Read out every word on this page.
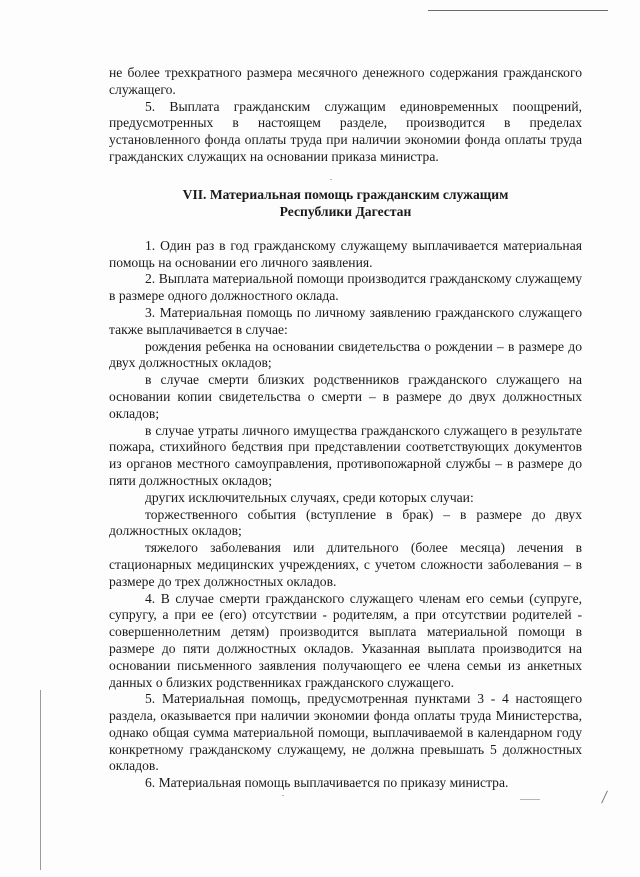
не более трехкратного размера месячного денежного содержания гражданского служащего.

5. Выплата гражданским служащим единовременных поощрений, предусмотренных в настоящем разделе, производится в пределах установленного фонда оплаты труда при наличии экономии фонда оплаты труда гражданских служащих на основании приказа министра.

VII. Материальная помощь гражданским служащим
Республики Дагестан

1. Один раз в год гражданскому служащему выплачивается материальная помощь на основании его личного заявления.

2. Выплата материальной помощи производится гражданскому служащему в размере одного должностного оклада.

3. Материальная помощь по личному заявлению гражданского служащего также выплачивается в случае:

рождения ребенка на основании свидетельства о рождении – в размере до двух должностных окладов;

в случае смерти близких родственников гражданского служащего на основании копии свидетельства о смерти – в размере до двух должностных окладов;

в случае утраты личного имущества гражданского служащего в результате пожара, стихийного бедствия при представлении соответствующих документов из органов местного самоуправления, противопожарной службы – в размере до пяти должностных окладов;

других исключительных случаях, среди которых случаи:

торжественного события (вступление в брак) – в размере до двух должностных окладов;

тяжелого заболевания или длительного (более месяца) лечения в стационарных медицинских учреждениях, с учетом сложности заболевания – в размере до трех должностных окладов.

4. В случае смерти гражданского служащего членам его семьи (супруге, супругу, а при ее (его) отсутствии - родителям, а при отсутствии родителей - совершеннолетним детям) производится выплата материальной помощи в размере до пяти должностных окладов. Указанная выплата производится на основании письменного заявления получающего ее члена семьи из анкетных данных о близких родственниках гражданского служащего.

5. Материальная помощь, предусмотренная пунктами 3 - 4 настоящего раздела, оказывается при наличии экономии фонда оплаты труда Министерства, однако общая сумма материальной помощи, выплачиваемой в календарном году конкретному гражданскому служащему, не должна превышать 5 должностных окладов.

6. Материальная помощь выплачивается по приказу министра.
